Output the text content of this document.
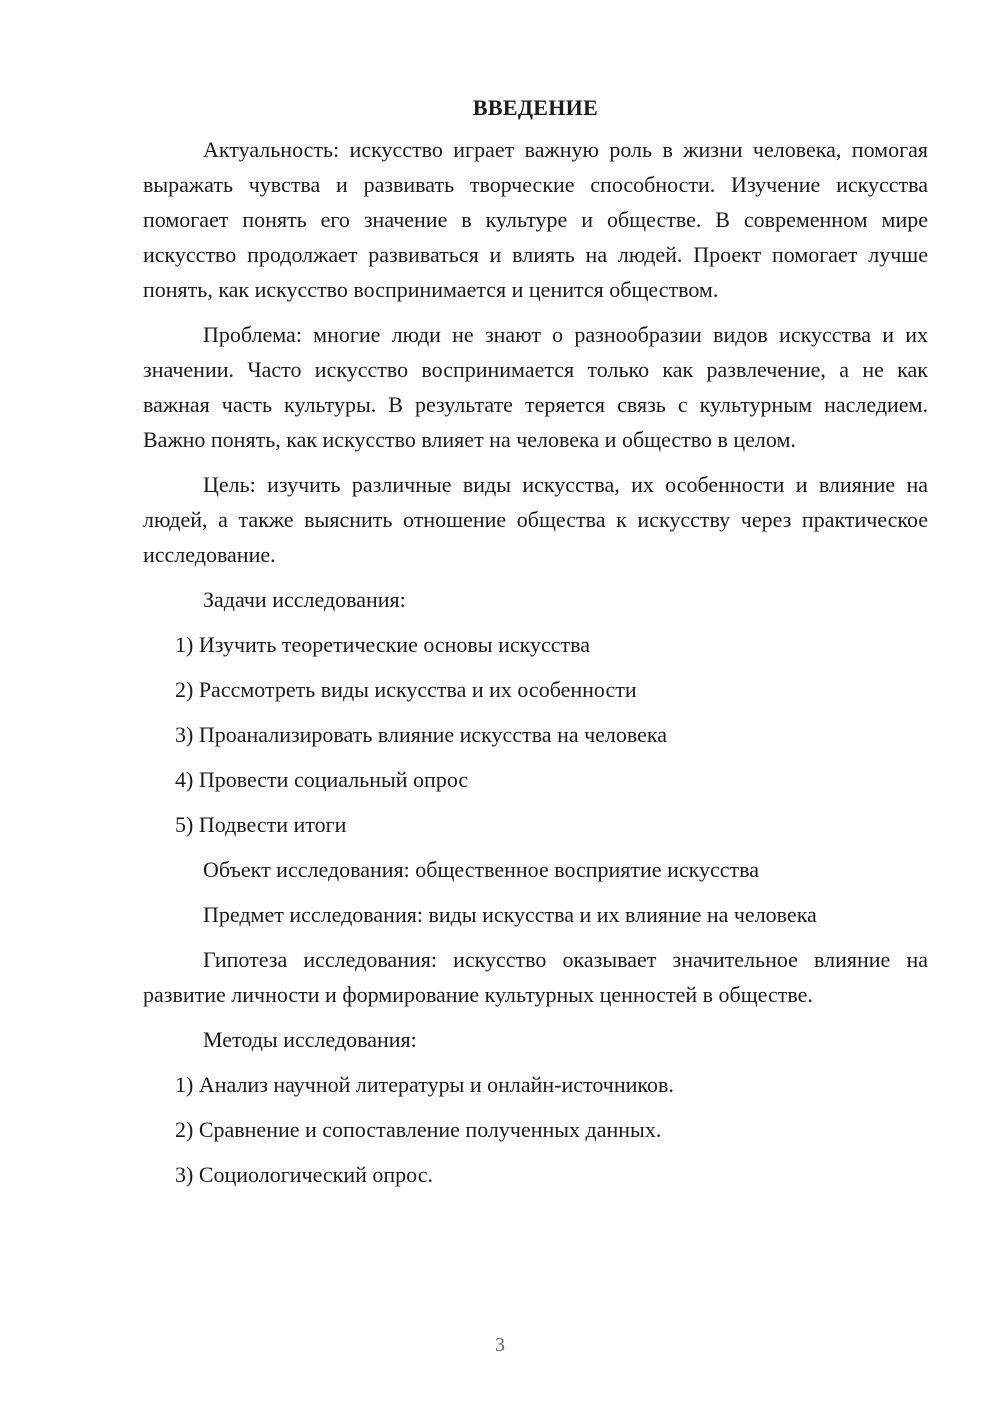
ВВЕДЕНИЕ

Актуальность: искусство играет важную роль в жизни человека, помогая выражать чувства и развивать творческие способности. Изучение искусства помогает понять его значение в культуре и обществе. В современном мире искусство продолжает развиваться и влиять на людей. Проект помогает лучше понять, как искусство воспринимается и ценится обществом.

Проблема: многие люди не знают о разнообразии видов искусства и их значении. Часто искусство воспринимается только как развлечение, а не как важная часть культуры. В результате теряется связь с культурным наследием. Важно понять, как искусство влияет на человека и общество в целом.

Цель: изучить различные виды искусства, их особенности и влияние на людей, а также выяснить отношение общества к искусству через практическое исследование.

Задачи исследования:

1) Изучить теоретические основы искусства

2) Рассмотреть виды искусства и их особенности

3) Проанализировать влияние искусства на человека

4) Провести социальный опрос

5) Подвести итоги

Объект исследования: общественное восприятие искусства

Предмет исследования: виды искусства и их влияние на человека

Гипотеза исследования: искусство оказывает значительное влияние на развитие личности и формирование культурных ценностей в обществе.

Методы исследования:

1) Анализ научной литературы и онлайн-источников.

2) Сравнение и сопоставление полученных данных.

3) Социологический опрос.

3
